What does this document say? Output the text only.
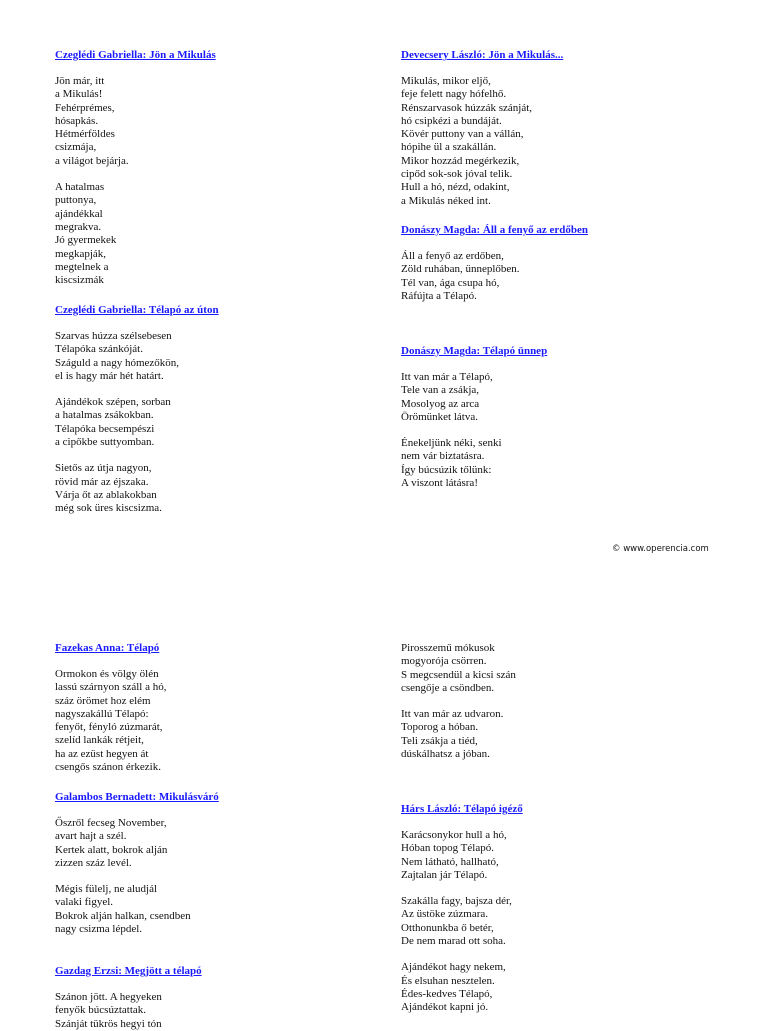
Czeglédi Gabriella: Jön a Mikulás
Jön már, itt
a Mikulás!
Fehérprémes,
hósapkás.
Hétmérföldes
csizmája,
a világot bejárja.
A hatalmas
puttonya,
ajándékkal
megrakva.
Jó gyermekek
megkapják,
megtelnek a
kiscsizmák
Czeglédi Gabriella: Télapó az úton
Szarvas húzza szélsebesen
Télapóka szánkóját.
Száguld a nagy hómezőkön,
el is hagy már hét határt.
Ajándékok szépen, sorban
a hatalmas zsákokban.
Télapóka becsempészi
a cipőkbe suttyomban.
Sietős az útja nagyon,
rövid már az éjszaka.
Várja őt az ablakokban
még sok üres kiscsizma.
Devecsery László: Jön a Mikulás...
Mikulás, mikor eljő,
feje felett nagy hófelhő.
Rénszarvasok húzzák szánját,
hó csipkézi a bundáját.
Kövér puttony van a vállán,
hópihe ül a szakállán.
Mikor hozzád megérkezik,
cipőd sok-sok jóval telik.
Hull a hó, nézd, odakint,
a Mikulás néked int.
Donászy Magda: Áll a fenyő az erdőben
Áll a fenyő az erdőben,
Zöld ruhában, ünneplőben.
Tél van, ága csupa hó,
Ráfújta a Télapó.
Donászy Magda: Télapó ünnep
Itt van már a Télapó,
Tele van a zsákja,
Mosolyog az arca
Örömünket látva.
Énekeljünk néki, senki
nem vár biztatásra.
Így búcsúzik tőlünk:
A viszont látásra!
Fazekas Anna: Télapó
Ormokon és völgy ölén
lassú szárnyon száll a hó,
száz örömet hoz elém
nagyszakállú Télapó:
fenyőt, fényló zúzmarát,
szelíd lankák rétjeit,
ha az ezüst hegyen át
csengős szánon érkezik.
Galambos Bernadett: Mikulásváró
Őszről fecseg November,
avart hajt a szél.
Kertek alatt, bokrok alján
zizzen száz levél.
Mégis fülelj, ne aludjál
valaki figyel.
Bokrok alján halkan, csendben
nagy csizma lépdel.
Gazdag Erzsi: Megjött a télapó
Szánon jött. A hegyeken
fenyők búcsúztattak.
Szánját tükrös hegyi tón
Pirosszemű mókusok
mogyorója csörren.
S megcsendül a kicsi szán
csengője a csöndben.
Itt van már az udvaron.
Toporog a hóban.
Teli zsákja a tiéd,
dúskálhatsz a jóban.
Hárs László: Télapó igéző
Karácsonykor hull a hó,
Hóban topog Télapó.
Nem látható, hallható,
Zajtalan jár Télapó.
Szakálla fagy, bajsza dér,
Az üstöke zúzmara.
Otthonunkba ő betér,
De nem marad ott soha.
Ajándékot hagy nekem,
És elsuhan nesztelen.
Édes-kedves Télapó,
Ajándékot kapni jó.
© www.operencia.com
